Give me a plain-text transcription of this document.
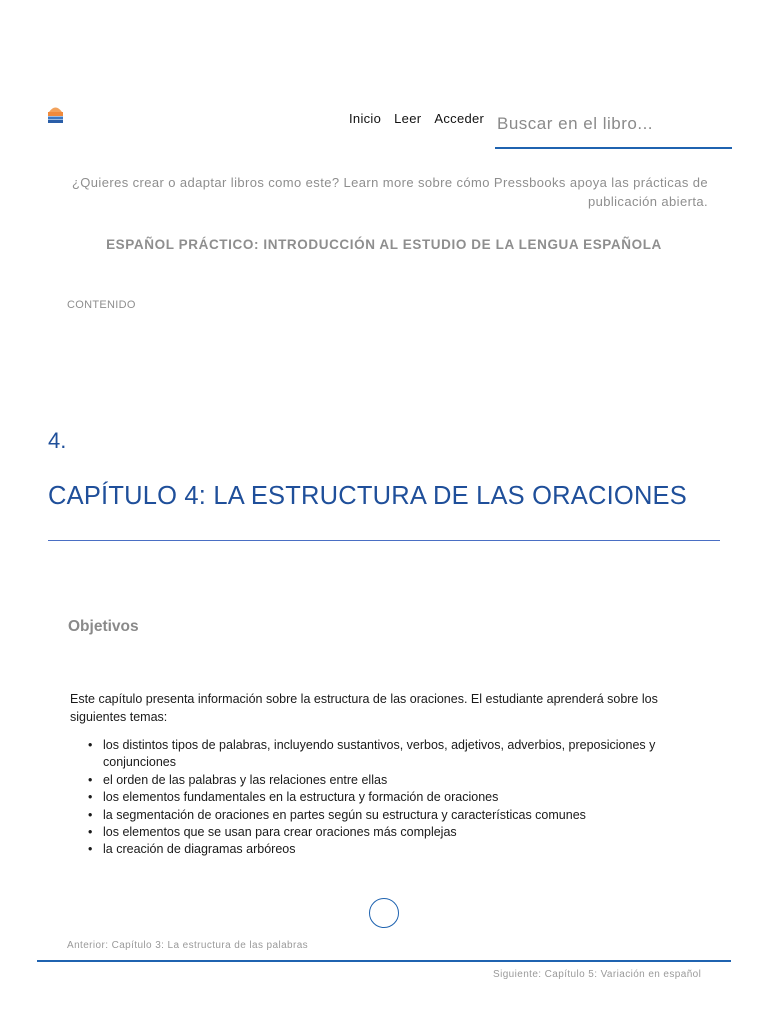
Inicio Leer Acceder
Buscar en el libro...
¿Quieres crear o adaptar libros como este? Learn more sobre cómo Pressbooks apoya las prácticas de
publicación abierta.
ESPAÑOL PRÁCTICO: INTRODUCCIÓN AL ESTUDIO DE LA LENGUA ESPAÑOLA
CONTENIDO
4.
CAPÍTULO 4: LA ESTRUCTURA DE LAS ORACIONES
Objetivos

Este capítulo presenta información sobre la estructura de las oraciones. El estudiante aprenderá sobre los siguientes temas:

• los distintos tipos de palabras, incluyendo sustantivos, verbos, adjetivos, adverbios, preposiciones y conjunciones
• el orden de las palabras y las relaciones entre ellas
• los elementos fundamentales en la estructura y formación de oraciones
• la segmentación de oraciones en partes según su estructura y características comunes
• los elementos que se usan para crear oraciones más complejas
• la creación de diagramas arbóreos
Anterior: Capítulo 3: La estructura de las palabras
Siguiente: Capítulo 5: Variación en español
